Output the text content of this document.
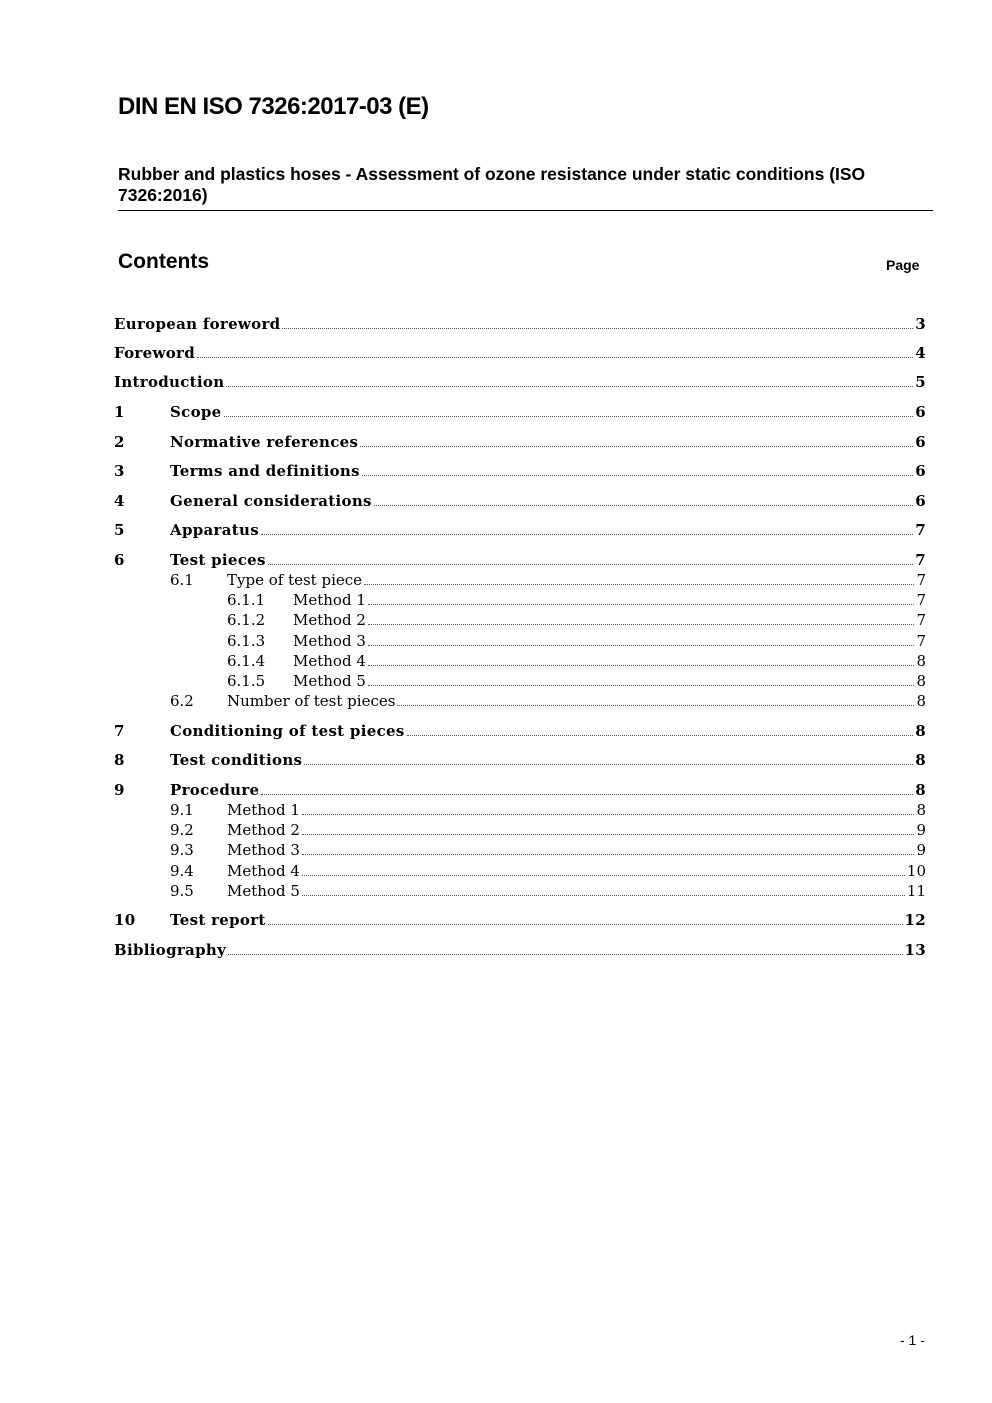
DIN EN ISO 7326:2017-03 (E)

Rubber and plastics hoses - Assessment of ozone resistance under static conditions (ISO 7326:2016)

Contents	Page
European foreword	3
Foreword	4
Introduction	5
1	Scope	6
2	Normative references	6
3	Terms and definitions	6
4	General considerations	6
5	Apparatus	7
6	Test pieces	7
6.1	Type of test piece	7
6.1.1	Method 1	7
6.1.2	Method 2	7
6.1.3	Method 3	7
6.1.4	Method 4	8
6.1.5	Method 5	8
6.2	Number of test pieces	8
7	Conditioning of test pieces	8
8	Test conditions	8
9	Procedure	8
9.1	Method 1	8
9.2	Method 2	9
9.3	Method 3	9
9.4	Method 4	10
9.5	Method 5	11
10	Test report	12
Bibliography	13
- 1 -
